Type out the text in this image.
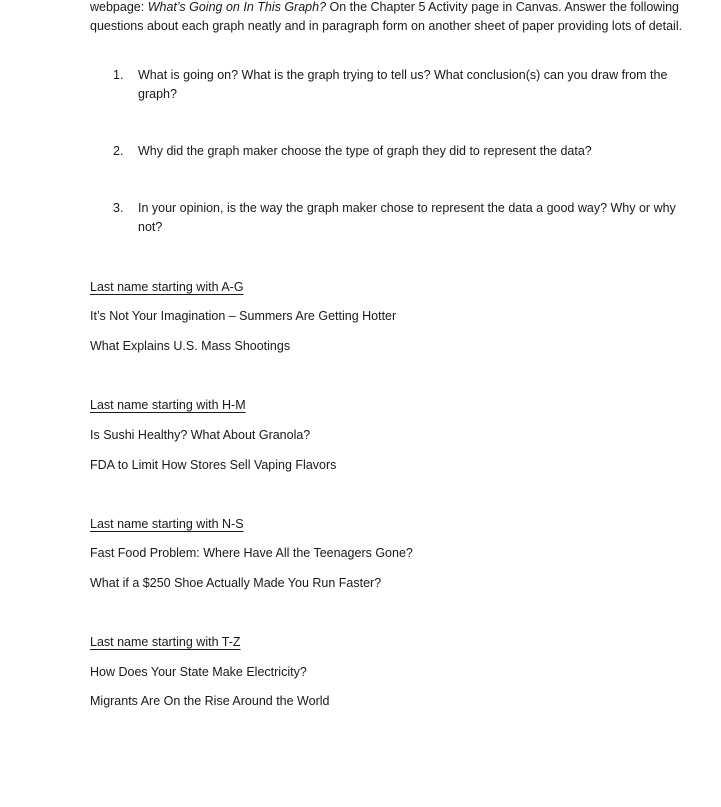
webpage: What’s Going on In This Graph? On the Chapter 5 Activity page in Canvas. Answer the following questions about each graph neatly and in paragraph form on another sheet of paper providing lots of detail.

1.	What is going on? What is the graph trying to tell us? What conclusion(s) can you draw from the graph?
2.	Why did the graph maker choose the type of graph they did to represent the data?
3.	In your opinion, is the way the graph maker chose to represent the data a good way? Why or why not?

Last name starting with A-G

It’s Not Your Imagination – Summers Are Getting Hotter

What Explains U.S. Mass Shootings

Last name starting with H-M

Is Sushi Healthy? What About Granola?

FDA to Limit How Stores Sell Vaping Flavors

Last name starting with N-S

Fast Food Problem: Where Have All the Teenagers Gone?

What if a $250 Shoe Actually Made You Run Faster?

Last name starting with T-Z

How Does Your State Make Electricity?

Migrants Are On the Rise Around the World
